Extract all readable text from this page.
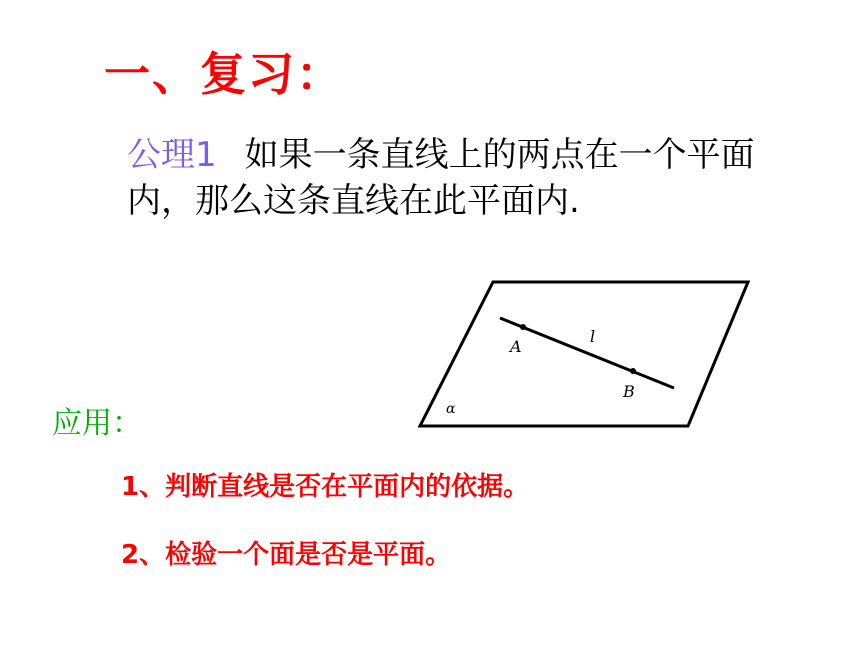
一、复习：
公理1 如果一条直线上的两点在一个平面内，那么这条直线在此平面内.
A
B
l
α
应用：
1、判断直线是否在平面内的依据。
2、检验一个面是否是平面。
